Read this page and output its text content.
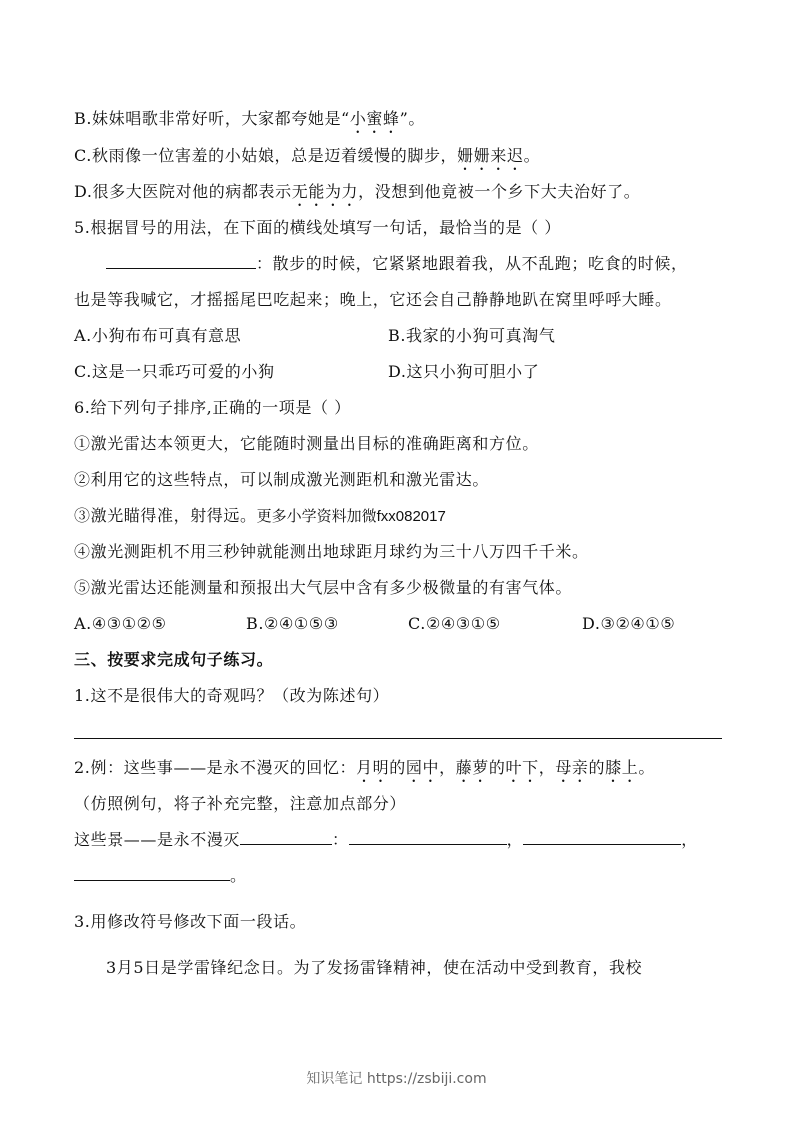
B.妹妹唱歌非常好听，大家都夸她是“小蜜蜂”。
C.秋雨像一位害羞的小姑娘，总是迈着缓慢的脚步，姗姗来迟。
D.很多大医院对他的病都表示无能为力，没想到他竟被一个乡下大夫治好了。
5.根据冒号的用法，在下面的横线处填写一句话，最恰当的是（ ）
：散步的时候，它紧紧地跟着我，从不乱跑；吃食的时候，
也是等我喊它，才摇摇尾巴吃起来；晚上，它还会自己静静地趴在窝里呼呼大睡。
A.小狗布布可真有意思	B.我家的小狗可真淘气
C.这是一只乖巧可爱的小狗	D.这只小狗可胆小了
6.给下列句子排序,正确的一项是（ ）
①激光雷达本领更大，它能随时测量出目标的准确距离和方位。
②利用它的这些特点，可以制成激光测距机和激光雷达。
③激光瞄得准，射得远。更多小学资料加微fxx082017
④激光测距机不用三秒钟就能测出地球距月球约为三十八万四千千米。
⑤激光雷达还能测量和预报出大气层中含有多少极微量的有害气体。
A.④③①②⑤	B.②④①⑤③	C.②④③①⑤	D.③②④①⑤
三、按要求完成句子练习。
1.这不是很伟大的奇观吗？（改为陈述句）
2.例：这些事——是永不漫灭的回忆：月明的园中，藤萝的叶下，母亲的膝上。
（仿照例句，将子补充完整，注意加点部分）
这些景——是永不漫灭	：	，	，
。
3.用修改符号修改下面一段话。
3月5日是学雷锋纪念日。为了发扬雷锋精神，使在活动中受到教育，我校
知识笔记 https://zsbiji.com
